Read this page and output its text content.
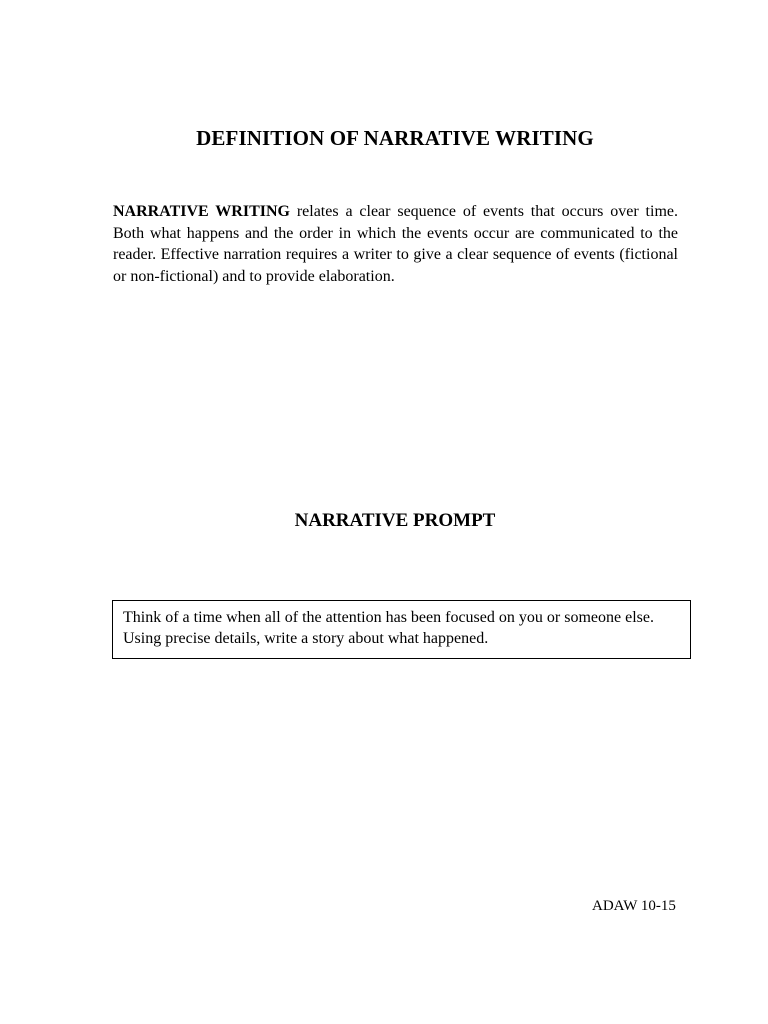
DEFINITION OF NARRATIVE WRITING

NARRATIVE WRITING relates a clear sequence of events that occurs over time. Both what happens and the order in which the events occur are communicated to the reader. Effective narration requires a writer to give a clear sequence of events (fictional or non-fictional) and to provide elaboration.

NARRATIVE PROMPT
Think of a time when all of the attention has been focused on you or someone else. Using precise details, write a story about what happened.
ADAW 10-15
